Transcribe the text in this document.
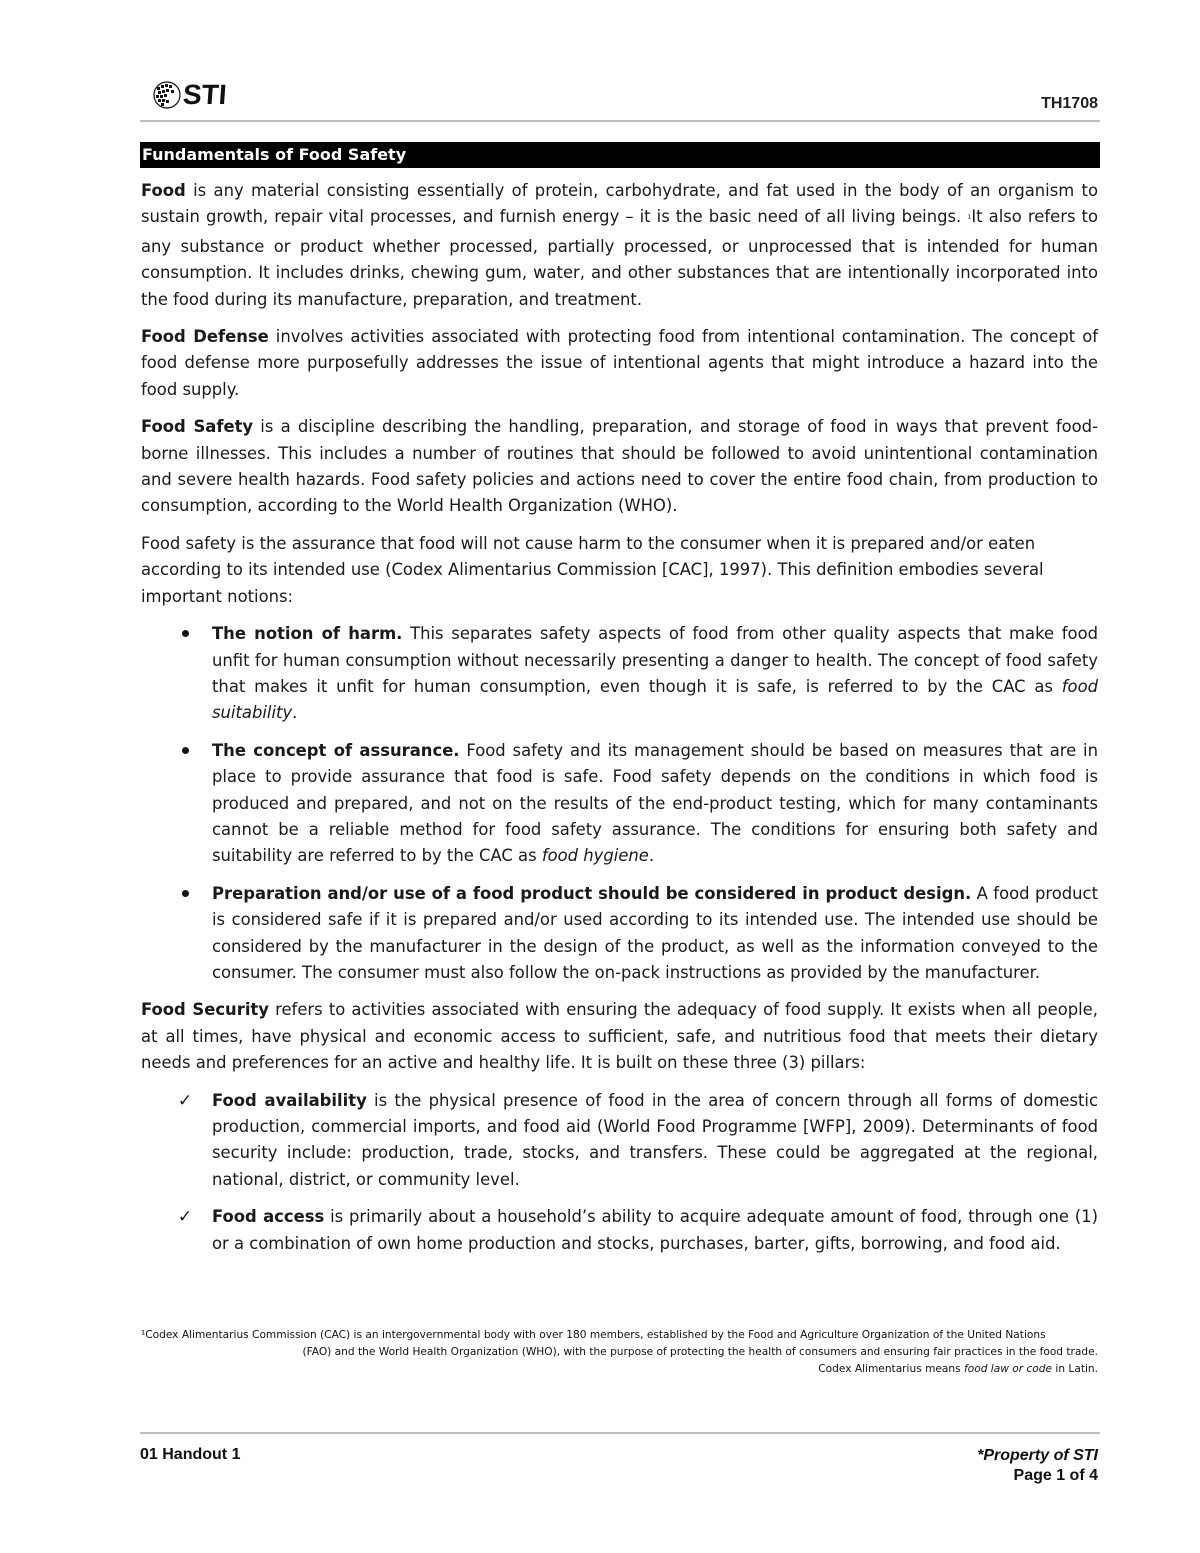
STI	TH1708
Fundamentals of Food Safety

Food is any material consisting essentially of protein, carbohydrate, and fat used in the body of an organism to sustain growth, repair vital processes, and furnish energy – it is the basic need of all living beings. ¹It also refers to any substance or product whether processed, partially processed, or unprocessed that is intended for human consumption. It includes drinks, chewing gum, water, and other substances that are intentionally incorporated into the food during its manufacture, preparation, and treatment.

Food Defense involves activities associated with protecting food from intentional contamination. The concept of food defense more purposefully addresses the issue of intentional agents that might introduce a hazard into the food supply.

Food Safety is a discipline describing the handling, preparation, and storage of food in ways that prevent food-borne illnesses. This includes a number of routines that should be followed to avoid unintentional contamination and severe health hazards. Food safety policies and actions need to cover the entire food chain, from production to consumption, according to the World Health Organization (WHO).

Food safety is the assurance that food will not cause harm to the consumer when it is prepared and/or eaten according to its intended use (Codex Alimentarius Commission [CAC], 1997). This definition embodies several important notions:

The notion of harm. This separates safety aspects of food from other quality aspects that make food unfit for human consumption without necessarily presenting a danger to health. The concept of food safety that makes it unfit for human consumption, even though it is safe, is referred to by the CAC as food suitability.
The concept of assurance. Food safety and its management should be based on measures that are in place to provide assurance that food is safe. Food safety depends on the conditions in which food is produced and prepared, and not on the results of the end-product testing, which for many contaminants cannot be a reliable method for food safety assurance. The conditions for ensuring both safety and suitability are referred to by the CAC as food hygiene.
Preparation and/or use of a food product should be considered in product design. A food product is considered safe if it is prepared and/or used according to its intended use. The intended use should be considered by the manufacturer in the design of the product, as well as the information conveyed to the consumer. The consumer must also follow the on-pack instructions as provided by the manufacturer.

Food Security refers to activities associated with ensuring the adequacy of food supply. It exists when all people, at all times, have physical and economic access to sufficient, safe, and nutritious food that meets their dietary needs and preferences for an active and healthy life. It is built on these three (3) pillars:

✓ Food availability is the physical presence of food in the area of concern through all forms of domestic production, commercial imports, and food aid (World Food Programme [WFP], 2009). Determinants of food security include: production, trade, stocks, and transfers. These could be aggregated at the regional, national, district, or community level.
✓ Food access is primarily about a household’s ability to acquire adequate amount of food, through one (1) or a combination of own home production and stocks, purchases, barter, gifts, borrowing, and food aid.
¹Codex Alimentarius Commission (CAC) is an intergovernmental body with over 180 members, established by the Food and Agriculture Organization of the United Nations
(FAO) and the World Health Organization (WHO), with the purpose of protecting the health of consumers and ensuring fair practices in the food trade.
Codex Alimentarius means food law or code in Latin.
01 Handout 1	*Property of STI
Page 1 of 4
